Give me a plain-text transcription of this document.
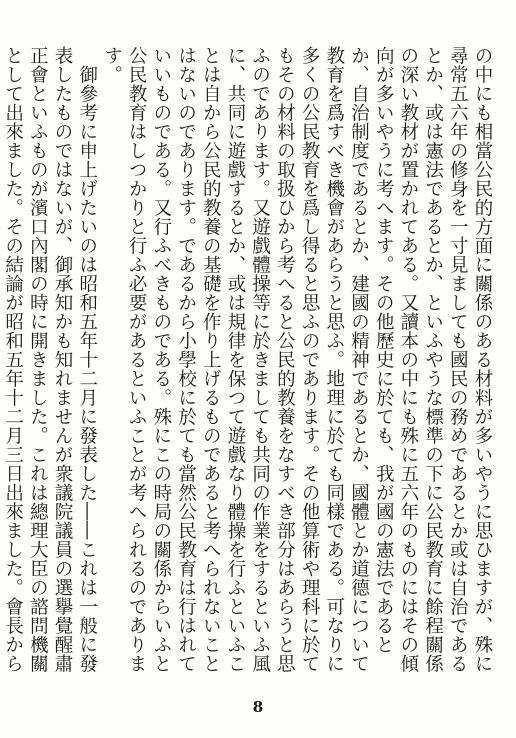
の中にも相當公民的方面に關係のある材料が多いやうに思ひますが、殊に尋常五六年の修身を一寸見ましても國民の務めであるとか或は自治であるとか、或は憲法であるとか、といふやうな標準の下に公民教育に餘程關係の深い教材が置かれてある。又讀本の中にも殊に五六年のものにはその傾向が多いやうに考へます。その他歷史に於ても、我が國の憲法であるとか、自治制度であるとか、建國の精神であるとか、國體とか道德について教育を爲すべき機會があらうと思ふ。地理に於ても同樣である。可なりに多くの公民教育を爲し得ると思ふのであります。その他算術や理科に於てもその材料の取扱ひから考へると公民的教養をなすべき部分はあらうと思ふのであります。又遊戲體操等に於きましても共同の作業をするといふ風に、共同に遊戲するとか、或は規律を保つて遊戲なり體操を行ふといふことは自から公民的教養の基礎を作り上げるものであると考へられないことはないのであります。であるから小學校に於ても當然公民教育は行はれていいものである。又行ふべきものである。殊にこの時局の關係からいふと公民教育はしつかりと行ふ必要があるといふことが考へられるのであります。

御參考に申上げたいのは昭和五年十二月に發表した――これは一般に發表したものではないが、御承知かも知れませんが衆議院議員の選擧覺醒肅正會といふものが濱口內閣の時に開きました。これは總理大臣の諮問機關として出來ました。その結論が昭和五年十二月三日出來ました。會長から

8
